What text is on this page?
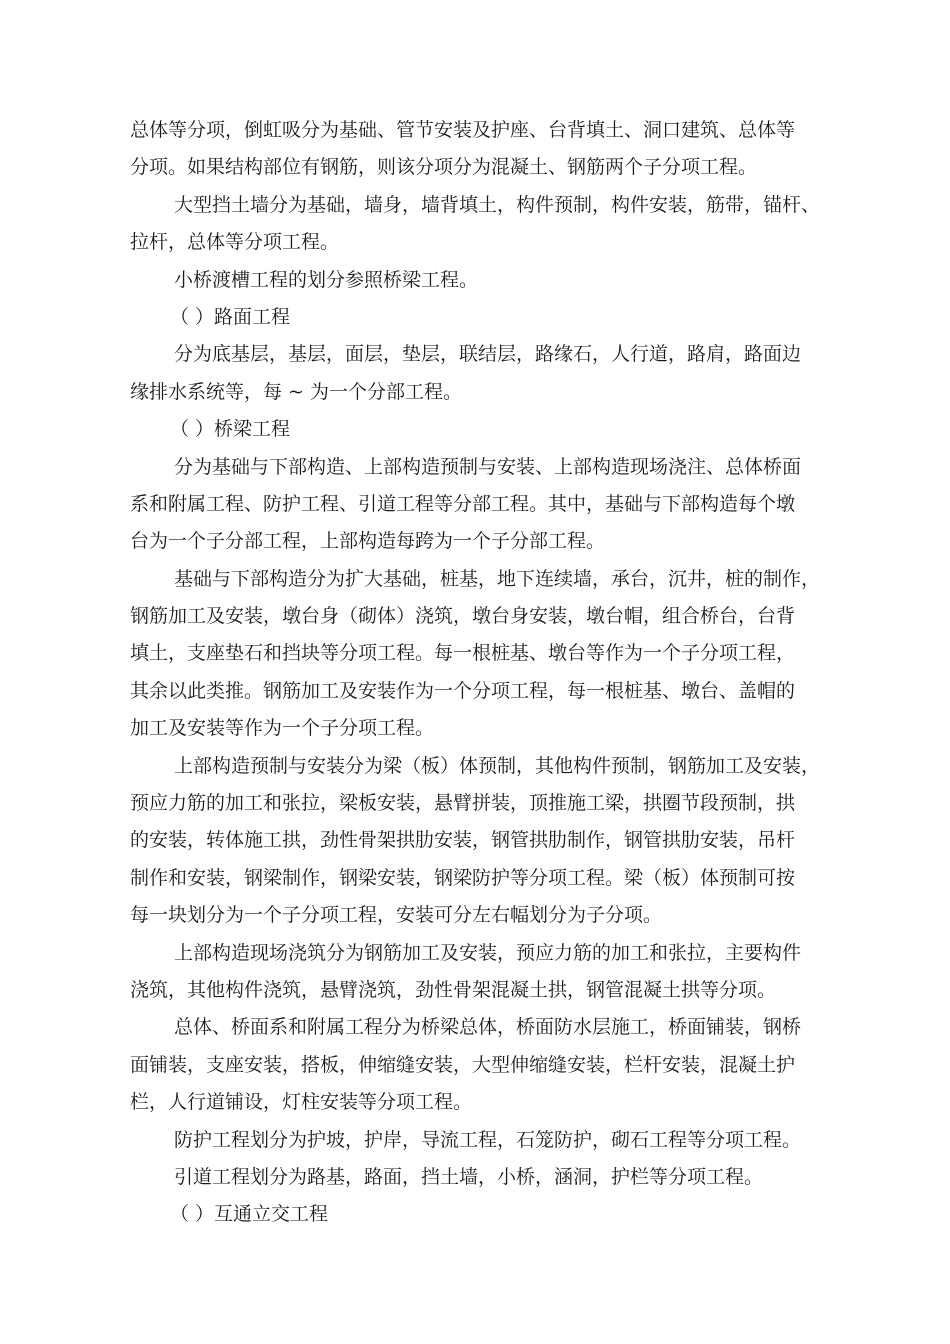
总体等分项，倒虹吸分为基础、管节安装及护座、台背填土、洞口建筑、总体等
分项。如果结构部位有钢筋，则该分项分为混凝土、钢筋两个子分项工程。
大型挡土墙分为基础，墙身，墙背填土，构件预制，构件安装，筋带，锚杆、
拉杆，总体等分项工程。
小桥渡槽工程的划分参照桥梁工程。
（ ）路面工程
分为底基层，基层，面层，垫层，联结层，路缘石，人行道，路肩，路面边
缘排水系统等，每 ~ 为一个分部工程。
（ ）桥梁工程
分为基础与下部构造、上部构造预制与安装、上部构造现场浇注、总体桥面
系和附属工程、防护工程、引道工程等分部工程。其中，基础与下部构造每个墩
台为一个子分部工程，上部构造每跨为一个子分部工程。
基础与下部构造分为扩大基础，桩基，地下连续墙，承台，沉井，桩的制作，
钢筋加工及安装，墩台身（砌体）浇筑，墩台身安装，墩台帽，组合桥台，台背
填土，支座垫石和挡块等分项工程。每一根桩基、墩台等作为一个子分项工程，
其余以此类推。钢筋加工及安装作为一个分项工程，每一根桩基、墩台、盖帽的
加工及安装等作为一个子分项工程。
上部构造预制与安装分为梁（板）体预制，其他构件预制，钢筋加工及安装，
预应力筋的加工和张拉，梁板安装，悬臂拼装，顶推施工梁，拱圈节段预制，拱
的安装，转体施工拱，劲性骨架拱肋安装，钢管拱肋制作，钢管拱肋安装，吊杆
制作和安装，钢梁制作，钢梁安装，钢梁防护等分项工程。梁（板）体预制可按
每一块划分为一个子分项工程，安装可分左右幅划分为子分项。
上部构造现场浇筑分为钢筋加工及安装，预应力筋的加工和张拉，主要构件
浇筑，其他构件浇筑，悬臂浇筑，劲性骨架混凝土拱，钢管混凝土拱等分项。
总体、桥面系和附属工程分为桥梁总体，桥面防水层施工，桥面铺装，钢桥
面铺装，支座安装，搭板，伸缩缝安装，大型伸缩缝安装，栏杆安装，混凝土护
栏，人行道铺设，灯柱安装等分项工程。
防护工程划分为护坡，护岸，导流工程，石笼防护，砌石工程等分项工程。
引道工程划分为路基，路面，挡土墙，小桥，涵洞，护栏等分项工程。
（ ）互通立交工程
